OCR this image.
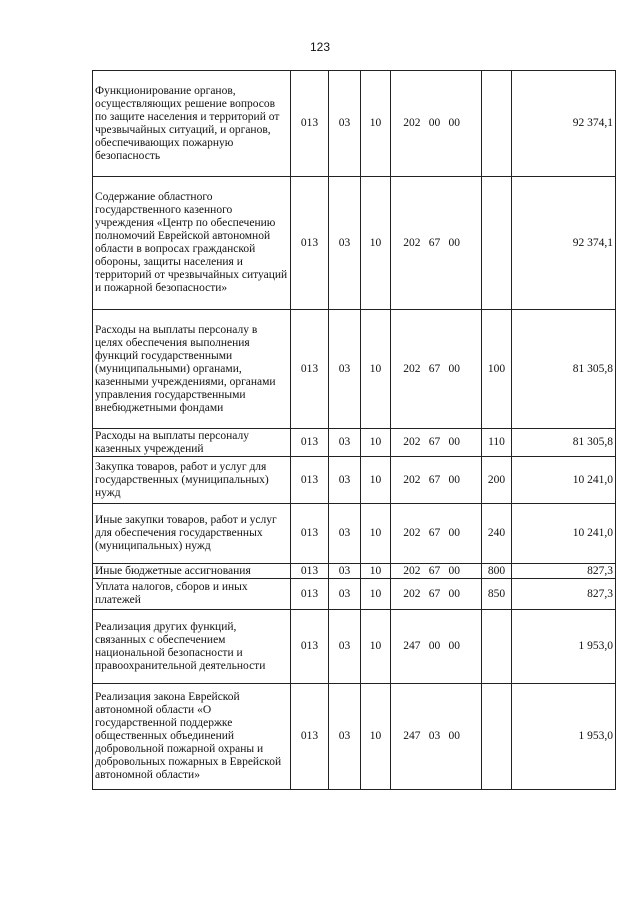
123
Функционирование органов, осуществляющих решение вопросов по защите населения и территорий от чрезвычайных ситуаций, и органов, обеспечивающих пожарную безопасность	013	03	10	202	00	00		92 374,1
Содержание областного государственного казенного учреждения «Центр по обеспечению полномочий Еврейской автономной области в вопросах гражданской обороны, защиты населения и территорий от чрезвычайных ситуаций и пожарной безопасности»	013	03	10	202	67	00		92 374,1
Расходы на выплаты персоналу в целях обеспечения выполнения функций государственными (муниципальными) органами, казенными учреждениями, органами управления государственными внебюджетными фондами	013	03	10	202	67	00	100	81 305,8
Расходы на выплаты персоналу казенных учреждений	013	03	10	202	67	00	110	81 305,8
Закупка товаров, работ и услуг для государственных (муниципальных) нужд	013	03	10	202	67	00	200	10 241,0
Иные закупки товаров, работ и услуг для обеспечения государственных (муниципальных) нужд	013	03	10	202	67	00	240	10 241,0
Иные бюджетные ассигнования	013	03	10	202	67	00	800	827,3
Уплата налогов, сборов и иных платежей	013	03	10	202	67	00	850	827,3
Реализация других функций, связанных с обеспечением национальной безопасности и правоохранительной деятельности	013	03	10	247	00	00		1 953,0
Реализация закона Еврейской автономной области «О государственной поддержке общественных объединений добровольной пожарной охраны и добровольных пожарных в Еврейской автономной области»	013	03	10	247	03	00		1 953,0
